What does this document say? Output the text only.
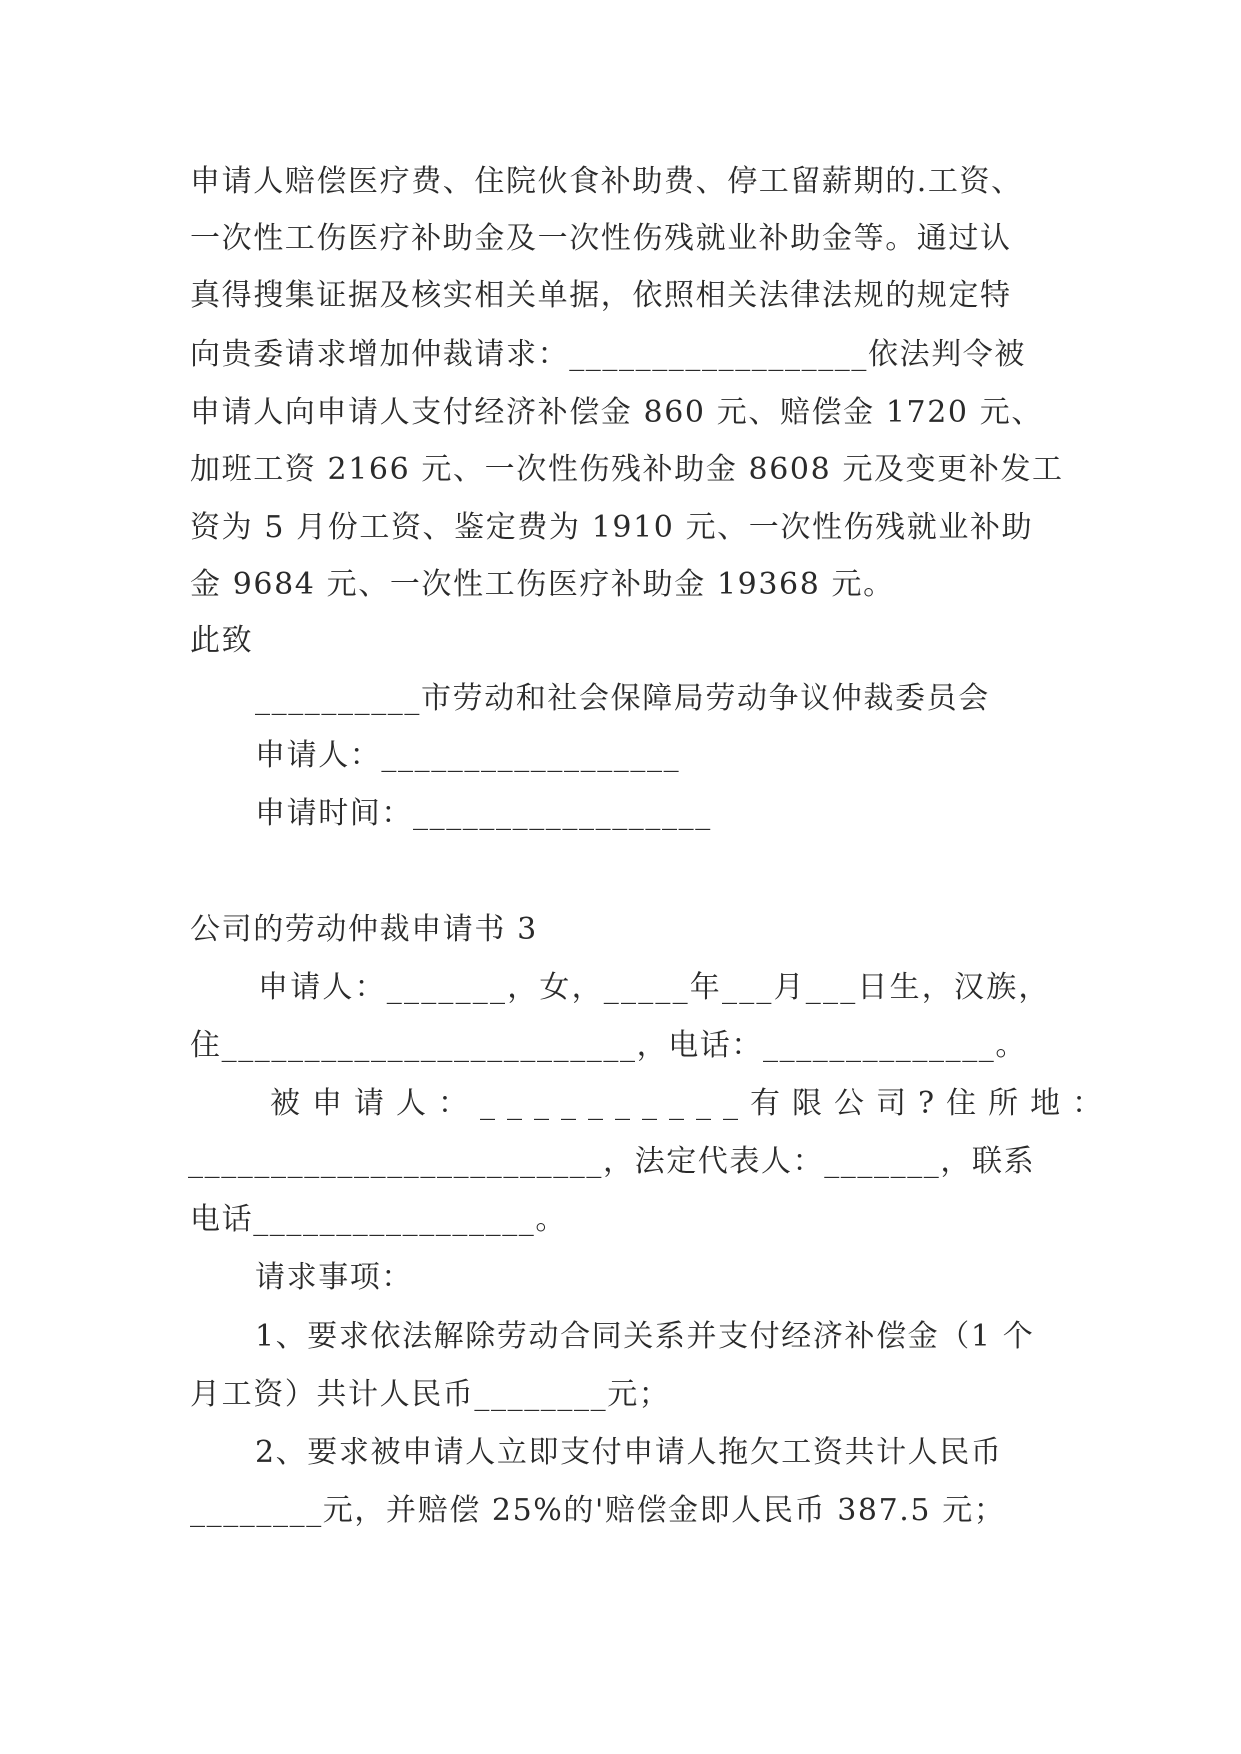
申请人赔偿医疗费、住院伙食补助费、停工留薪期的.工资、
一次性工伤医疗补助金及一次性伤残就业补助金等。通过认
真得搜集证据及核实相关单据，依照相关法律法规的规定特
向贵委请求增加仲裁请求：__________________依法判令被
申请人向申请人支付经济补偿金 860 元、赔偿金 1720 元、
加班工资 2166 元、一次性伤残补助金 8608 元及变更补发工
资为 5 月份工资、鉴定费为 1910 元、一次性伤残就业补助
金 9684 元、一次性工伤医疗补助金 19368 元。
此致
__________市劳动和社会保障局劳动争议仲裁委员会
申请人：__________________
申请时间：__________________
公司的劳动仲裁申请书 3
申请人：_______，女，_____年___月___日生，汉族，
住_________________________，电话：______________。
被申请人：__________有限公司?住所地：
_________________________，法定代表人：_______，联系
电话_________________。
请求事项：
1、要求依法解除劳动合同关系并支付经济补偿金（1 个
月工资）共计人民币________元；
2、要求被申请人立即支付申请人拖欠工资共计人民币
________元，并赔偿 25%的'赔偿金即人民币 387.5 元；
